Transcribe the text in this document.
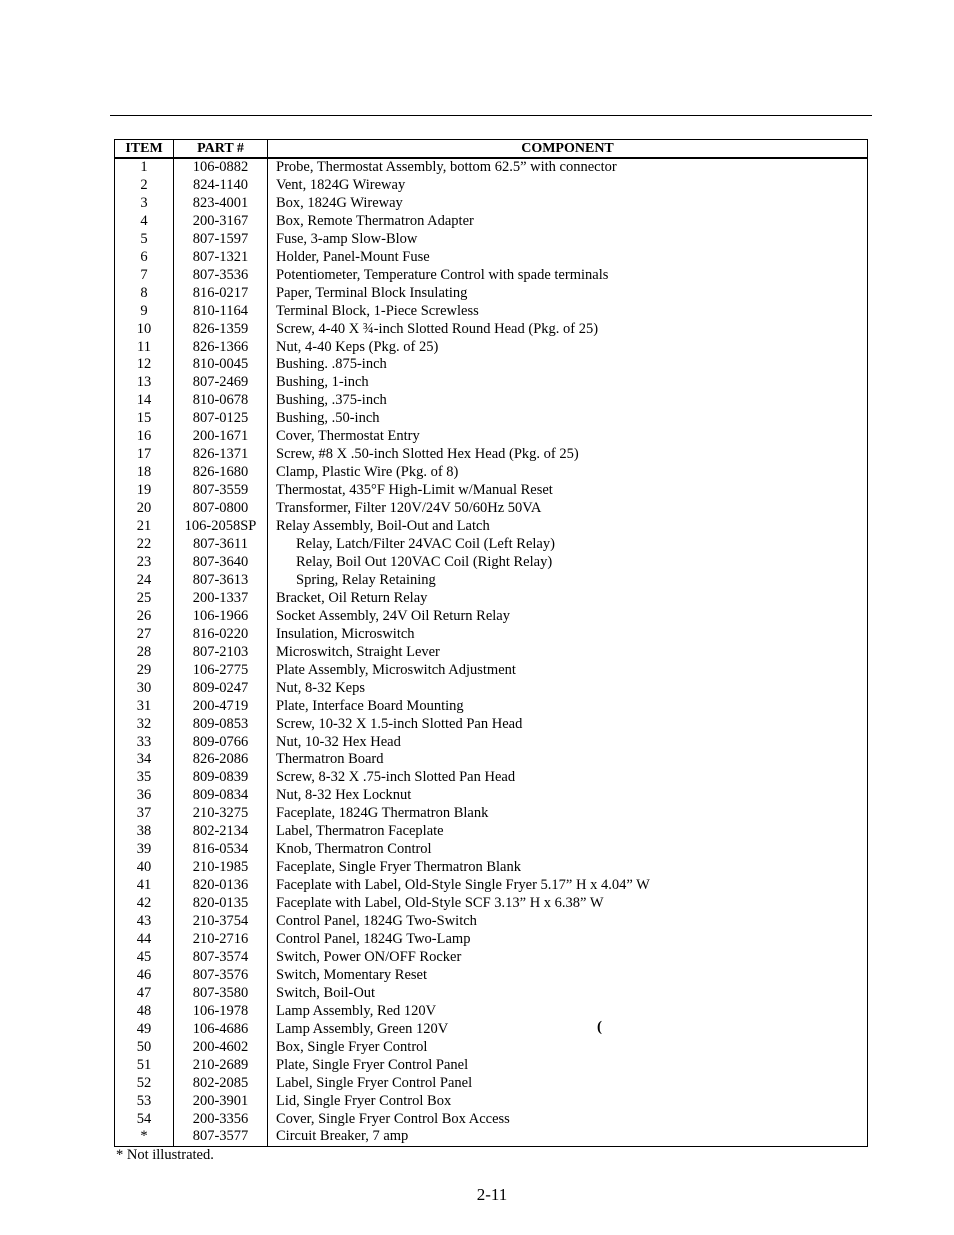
ITEM	PART #	COMPONENT
1	106-0882	Probe, Thermostat Assembly, bottom 62.5” with connector
2	824-1140	Vent, 1824G Wireway
3	823-4001	Box, 1824G Wireway
4	200-3167	Box, Remote Thermatron Adapter
5	807-1597	Fuse, 3-amp Slow-Blow
6	807-1321	Holder, Panel-Mount Fuse
7	807-3536	Potentiometer, Temperature Control with spade terminals
8	816-0217	Paper, Terminal Block Insulating
9	810-1164	Terminal Block, 1-Piece Screwless
10	826-1359	Screw, 4-40 X ¾-inch Slotted Round Head (Pkg. of 25)
11	826-1366	Nut, 4-40 Keps (Pkg. of 25)
12	810-0045	Bushing. .875-inch
13	807-2469	Bushing, 1-inch
14	810-0678	Bushing, .375-inch
15	807-0125	Bushing, .50-inch
16	200-1671	Cover, Thermostat Entry
17	826-1371	Screw, #8 X .50-inch Slotted Hex Head (Pkg. of 25)
18	826-1680	Clamp, Plastic Wire (Pkg. of 8)
19	807-3559	Thermostat, 435°F High-Limit w/Manual Reset
20	807-0800	Transformer, Filter 120V/24V 50/60Hz 50VA
21	106-2058SP	Relay Assembly, Boil-Out and Latch
22	807-3611	Relay, Latch/Filter 24VAC Coil (Left Relay)
23	807-3640	Relay, Boil Out 120VAC Coil (Right Relay)
24	807-3613	Spring, Relay Retaining
25	200-1337	Bracket, Oil Return Relay
26	106-1966	Socket Assembly, 24V Oil Return Relay
27	816-0220	Insulation, Microswitch
28	807-2103	Microswitch, Straight Lever
29	106-2775	Plate Assembly, Microswitch Adjustment
30	809-0247	Nut, 8-32 Keps
31	200-4719	Plate, Interface Board Mounting
32	809-0853	Screw, 10-32 X 1.5-inch Slotted Pan Head
33	809-0766	Nut, 10-32 Hex Head
34	826-2086	Thermatron Board
35	809-0839	Screw, 8-32 X .75-inch Slotted Pan Head
36	809-0834	Nut, 8-32 Hex Locknut
37	210-3275	Faceplate, 1824G Thermatron Blank
38	802-2134	Label, Thermatron Faceplate
39	816-0534	Knob, Thermatron Control
40	210-1985	Faceplate, Single Fryer Thermatron Blank
41	820-0136	Faceplate with Label, Old-Style Single Fryer 5.17” H x 4.04” W
42	820-0135	Faceplate with Label, Old-Style SCF 3.13” H x 6.38” W
43	210-3754	Control Panel, 1824G Two-Switch
44	210-2716	Control Panel, 1824G Two-Lamp
45	807-3574	Switch, Power ON/OFF Rocker
46	807-3576	Switch, Momentary Reset
47	807-3580	Switch, Boil-Out
48	106-1978	Lamp Assembly, Red 120V
49	106-4686	Lamp Assembly, Green 120V
50	200-4602	Box, Single Fryer Control
51	210-2689	Plate, Single Fryer Control Panel
52	802-2085	Label, Single Fryer Control Panel
53	200-3901	Lid, Single Fryer Control Box
54	200-3356	Cover, Single Fryer Control Box Access
*	807-3577	Circuit Breaker, 7 amp
(
* Not illustrated.
2-11
